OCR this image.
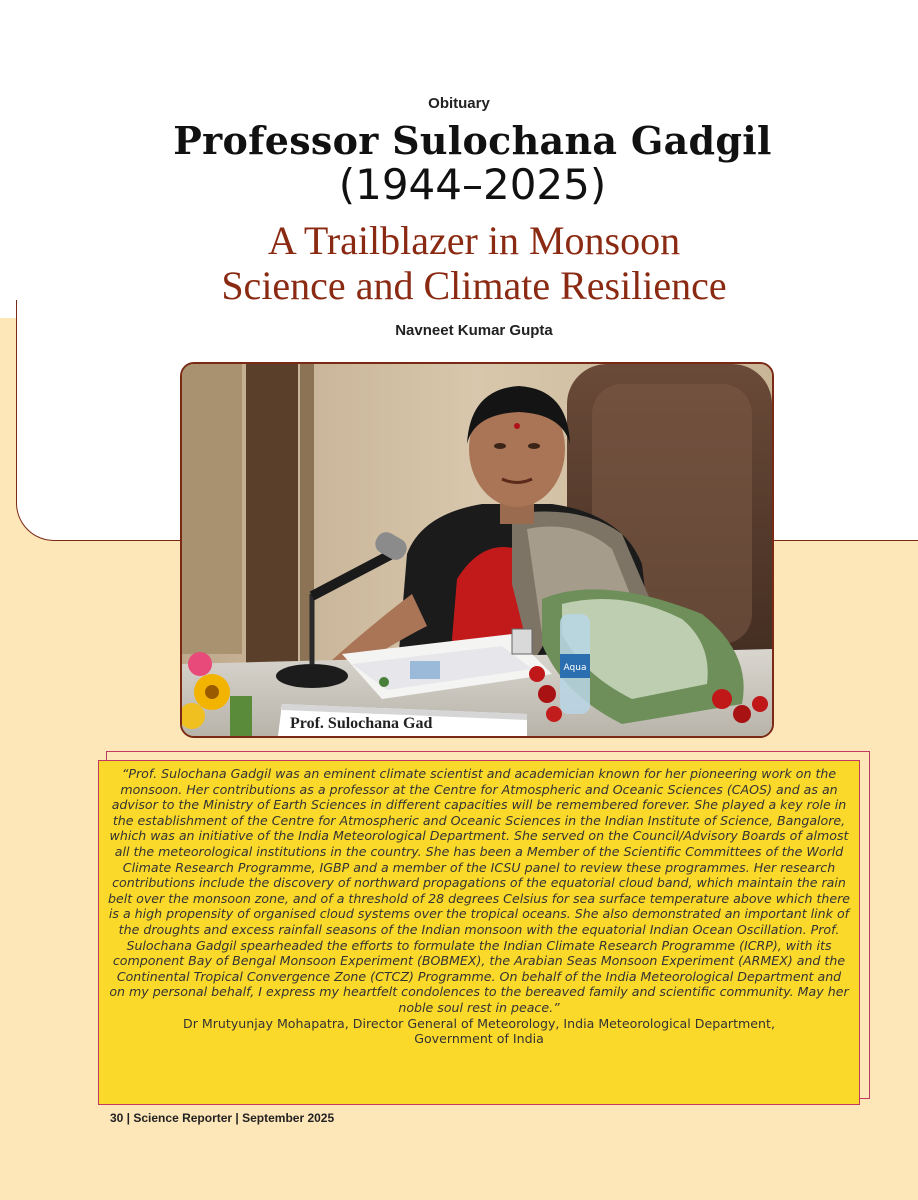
Obituary
Professor Sulochana Gadgil
(1944–2025)
A Trailblazer in Monsoon
Science and Climate Resilience
Navneet Kumar Gupta
Aqua
Prof. Sulochana Gad

“Prof. Sulochana Gadgil was an eminent climate scientist and academician known for her pioneering work on the monsoon. Her contributions as a professor at the Centre for Atmospheric and Oceanic Sciences (CAOS) and as an advisor to the Ministry of Earth Sciences in different capacities will be remembered forever. She played a key role in the establishment of the Centre for Atmospheric and Oceanic Sciences in the Indian Institute of Science, Bangalore, which was an initiative of the India Meteorological Department. She served on the Council/Advisory Boards of almost all the meteorological institutions in the country. She has been a Member of the Scientific Committees of the World Climate Research Programme, IGBP and a member of the ICSU panel to review these programmes. Her research contributions include the discovery of northward propagations of the equatorial cloud band, which maintain the rain belt over the monsoon zone, and of a threshold of 28 degrees Celsius for sea surface temperature above which there is a high propensity of organised cloud systems over the tropical oceans. She also demonstrated an important link of the droughts and excess rainfall seasons of the Indian monsoon with the equatorial Indian Ocean Oscillation. Prof. Sulochana Gadgil spearheaded the efforts to formulate the Indian Climate Research Programme (ICRP), with its component Bay of Bengal Monsoon Experiment (BOBMEX), the Arabian Seas Monsoon Experiment (ARMEX) and the Continental Tropical Convergence Zone (CTCZ) Programme. On behalf of the India Meteorological Department and on my personal behalf, I express my heartfelt condolences to the bereaved family and scientific community. May her noble soul rest in peace.”

Dr Mrutyunjay Mohapatra, Director General of Meteorology, India Meteorological Department,

Government of India

30 | Science Reporter | September 2025
